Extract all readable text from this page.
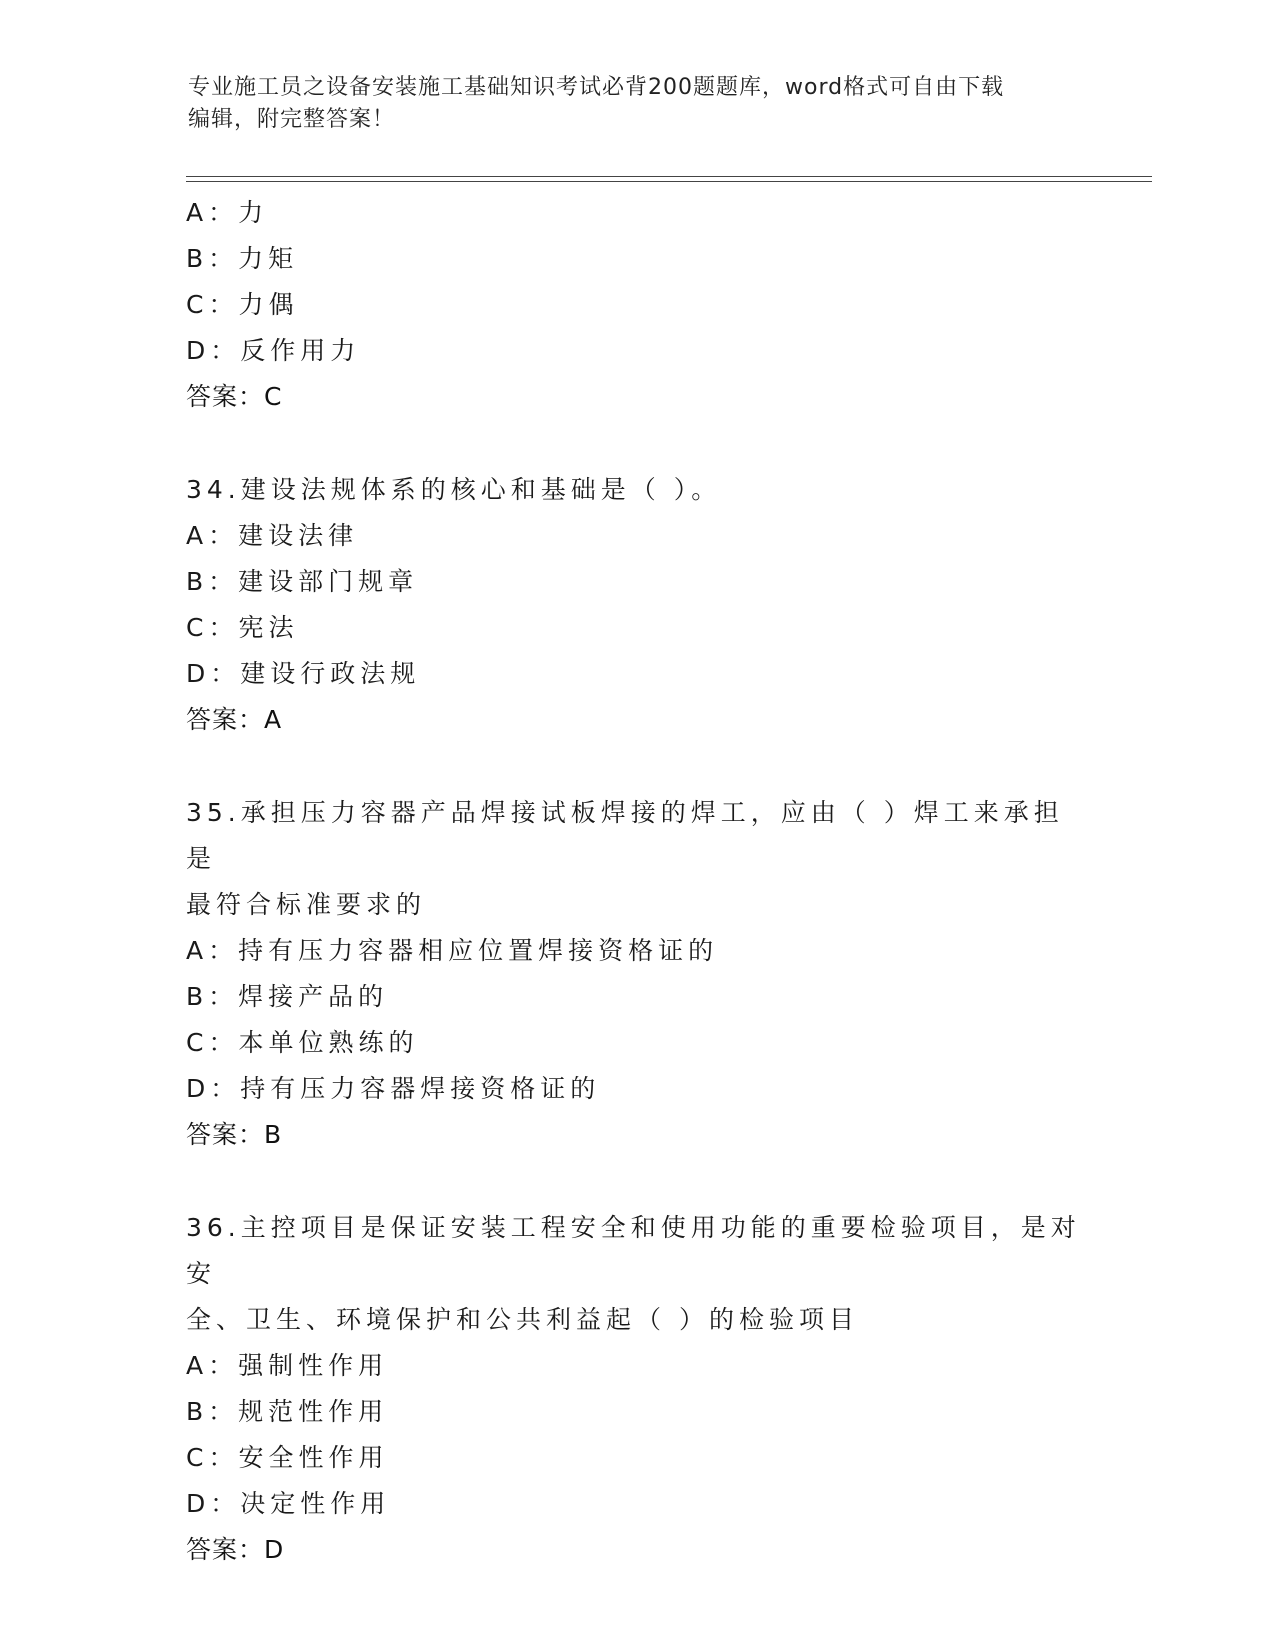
专业施工员之设备安装施工基础知识考试必背200题题库，word格式可自由下载
编辑，附完整答案！
A：力
B：力矩
C：力偶
D：反作用力
答案：C
34.建设法规体系的核心和基础是（ ）。
A：建设法律
B：建设部门规章
C：宪法
D：建设行政法规
答案：A
35.承担压力容器产品焊接试板焊接的焊工，应由（ ）焊工来承担是
最符合标准要求的
A：持有压力容器相应位置焊接资格证的
B：焊接产品的
C：本单位熟练的
D：持有压力容器焊接资格证的
答案：B
36.主控项目是保证安装工程安全和使用功能的重要检验项目，是对安
全、卫生、环境保护和公共利益起（ ）的检验项目
A：强制性作用
B：规范性作用
C：安全性作用
D：决定性作用
答案：D
